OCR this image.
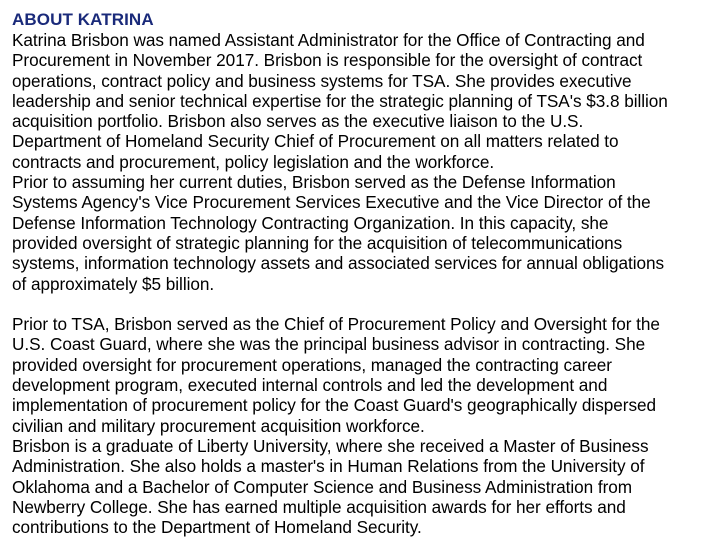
ABOUT KATRINA

Katrina Brisbon was named Assistant Administrator for the Office of Contracting and
Procurement in November 2017. Brisbon is responsible for the oversight of contract
operations, contract policy and business systems for TSA. She provides executive
leadership and senior technical expertise for the strategic planning of TSA's $3.8 billion
acquisition portfolio. Brisbon also serves as the executive liaison to the U.S.
Department of Homeland Security Chief of Procurement on all matters related to
contracts and procurement, policy legislation and the workforce.

Prior to assuming her current duties, Brisbon served as the Defense Information
Systems Agency's Vice Procurement Services Executive and the Vice Director of the
Defense Information Technology Contracting Organization. In this capacity, she
provided oversight of strategic planning for the acquisition of telecommunications
systems, information technology assets and associated services for annual obligations
of approximately $5 billion.

Prior to TSA, Brisbon served as the Chief of Procurement Policy and Oversight for the
U.S. Coast Guard, where she was the principal business advisor in contracting. She
provided oversight for procurement operations, managed the contracting career
development program, executed internal controls and led the development and
implementation of procurement policy for the Coast Guard's geographically dispersed
civilian and military procurement acquisition workforce.

Brisbon is a graduate of Liberty University, where she received a Master of Business
Administration. She also holds a master's in Human Relations from the University of
Oklahoma and a Bachelor of Computer Science and Business Administration from
Newberry College. She has earned multiple acquisition awards for her efforts and
contributions to the Department of Homeland Security.
